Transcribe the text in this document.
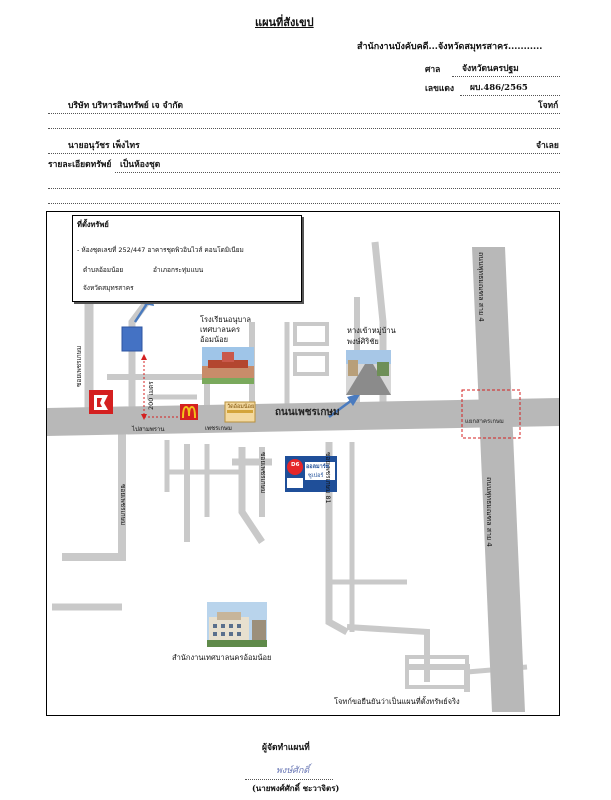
แผนที่สังเขป
สำนักงานบังคับคดี...จังหวัดสมุทรสาคร...........
ศาล	จังหวัดนครปฐม
เลขแดง ผบ.486/2565
บริษัท บริหารสินทรัพย์ เจ จำกัด	โจทก์
นายอนุวัชร เพ็งไทร	จำเลย
รายละเอียดทรัพย์ เป็นห้องชุด
ที่ตั้งทรัพย์
- ห้องชุดเลขที่ 252/447 อาคารชุดพิวอินไวส์ คอนโดมิเนียม
ตำบลอ้อมน้อย	อำเภอกระทุ่มแบน
จังหวัดสมุทรสาคร
โรงเรียนอนุบาล
เทศบาลนคร
อ้อมน้อย
หางเข้าหมู่บ้าน
พงษ์ศิริชัย
วัดอ้อมน้อย ถนนเพชรเกษม
ไปสามพราน	เพชรเกษม
200 เมตร
แยกสาครเกษม
ถนนพุทธมณฑล สาย 4
ถนนพุทธมณฑล สาย 4
ซอยเพชรเกษม
ซอยเพชรเกษม
ซอยเพชรเกษม	ซอยเพชรเกษม 81
D6 ออลมาร์ท
ซูเปอร์
สำนักงานเทศบาลนครอ้อมน้อย
โจทก์ขอยืนยันว่าเป็นแผนที่ตั้งทรัพย์จริง
ผู้จัดทำแผนที่
พงษ์ศักดิ์
(นายพงศ์ศักดิ์ ชะวาจิตร)
